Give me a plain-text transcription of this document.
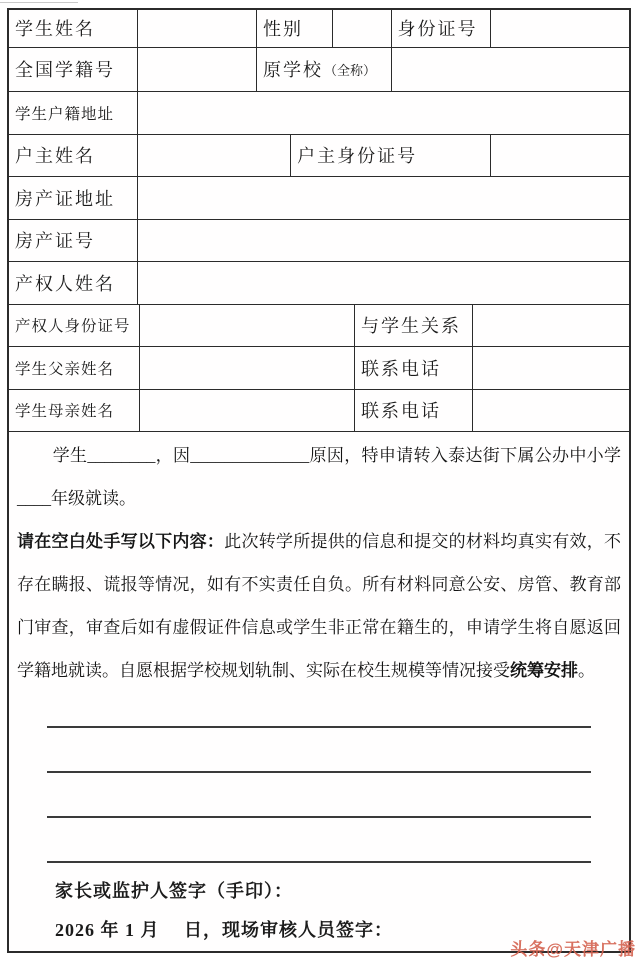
学生姓名	性别	身份证号
全国学籍号	原学校 （全称）
学生户籍地址
户主姓名	户主身份证号
房产证地址
房产证号
产权人姓名
产权人身份证号	与学生关系
学生父亲姓名	联系电话
学生母亲姓名	联系电话

学生________，因______________原因，特申请转入泰达街下属公办中小学____年级就读。

请在空白处手写以下内容：此次转学所提供的信息和提交的材料均真实有效，不存在瞒报、谎报等情况，如有不实责任自负。所有材料同意公安、房管、教育部门审查，审查后如有虚假证件信息或学生非正常在籍生的，申请学生将自愿返回学籍地就读。自愿根据学校规划轨制、实际在校生规模等情况接受统筹安排。

家长或监护人签字（手印）：
2026 年 1 月　 日，现场审核人员签字：
头条@天津广播
